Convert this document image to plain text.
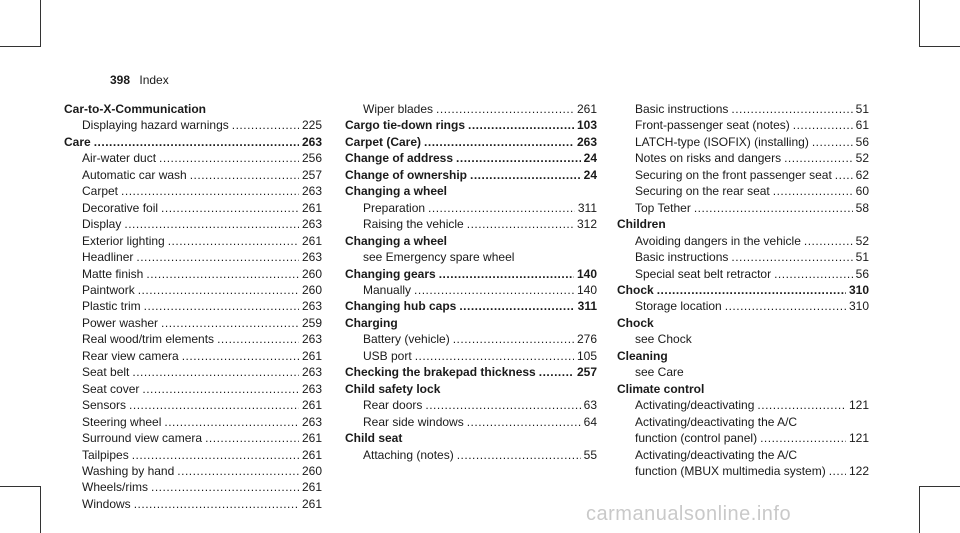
398 Index
Car-to-X-Communication
Displaying hazard warnings .....	225
Care .....	263
Air-water duct .....	256
Automatic car wash .....	257
Carpet .....	263
Decorative foil .....	261
Display .....	263
Exterior lighting .....	261
Headliner .....	263
Matte finish .....	260
Paintwork .....	260
Plastic trim .....	263
Power washer .....	259
Real wood/trim elements .....	263
Rear view camera .....	261
Seat belt .....	263
Seat cover .....	263
Sensors .....	261
Steering wheel .....	263
Surround view camera .....	261
Tailpipes .....	261
Washing by hand .....	260
Wheels/rims .....	261
Windows .....	261
Wiper blades .....	261
Cargo tie-down rings .....	103
Carpet (Care) .....	263
Change of address .....	24
Change of ownership .....	24
Changing a wheel
Preparation .....	311
Raising the vehicle .....	312
Changing a wheel
see Emergency spare wheel
Changing gears .....	140
Manually .....	140
Changing hub caps .....	311
Charging
Battery (vehicle) .....	276
USB port .....	105
Checking the brakepad thickness .....	257
Child safety lock
Rear doors .....	63
Rear side windows .....	64
Child seat
Attaching (notes) .....	55
Basic instructions .....	51
Front-passenger seat (notes) .....	61
LATCH-type (ISOFIX) (installing) .....	56
Notes on risks and dangers .....	52
Securing on the front passenger seat ..... 62
Securing on the rear seat .....	60
Top Tether .....	58
Children
Avoiding dangers in the vehicle .....	52
Basic instructions .....	51
Special seat belt retractor .....	56
Chock .....	310
Storage location .....	310
Chock
see Chock
Cleaning
see Care
Climate control
Activating/deactivating .....	121
Activating/deactivating the A/C
function (control panel) .....	121
Activating/deactivating the A/C
function (MBUX multimedia system) ..... 122
carmanualsonline.info
